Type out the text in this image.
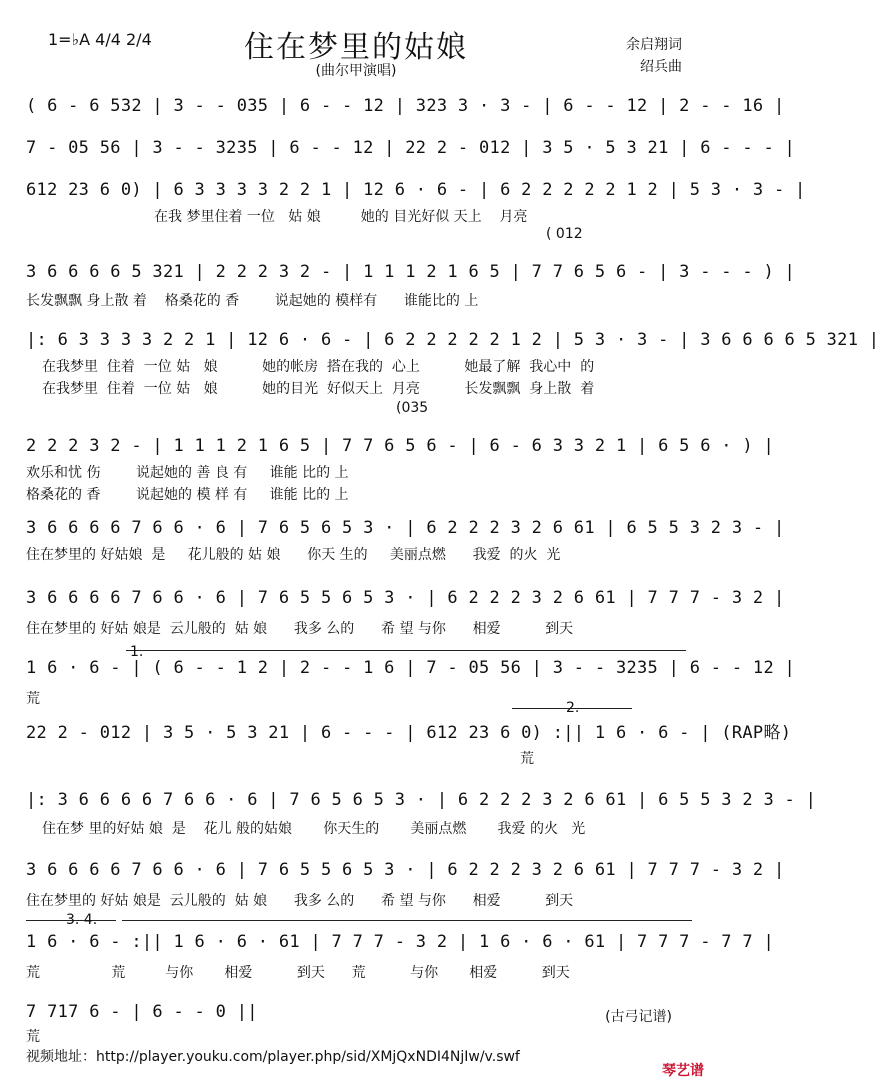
1=♭A 4/4 2/4	住在梦里的姑娘
(曲尔甲演唱)
余启翔词
绍兵曲
( 6 - 6 532 | 3 - - 035 | 6 - - 12 | 323 3 · 3 - | 6 - - 12 | 2 - - 16 |
7 - 05 56 | 3 - - 3235 | 6 - - 12 | 22 2 - 012 | 3 5 · 5 3 21 | 6 - - - |
612 23 6 0) | 6 3 3 3 3 2 2 1 | 12 6 · 6 - | 6 2 2 2 2 2 1 2 | 5 3 · 3 - |
在我 梦里住着 一位   姑 娘         她的 目光好似 天上    月亮
( 012
3 6 6 6 6 5 321 | 2 2 2 3 2 - | 1 1 1 2 1 6 5 | 7 7 6 5 6 - | 3 - - - ) |
长发飘飘 身上散 着    格桑花的 香        说起她的 模样有      谁能比的 上
|: 6 3 3 3 3 2 2 1 | 12 6 · 6 - | 6 2 2 2 2 2 1 2 | 5 3 · 3 - | 3 6 6 6 6 5 321 |
在我梦里  住着  一位 姑   娘          她的帐房  搭在我的  心上          她最了解  我心中  的
在我梦里  住着  一位 姑   娘          她的目光  好似天上  月亮          长发飘飘  身上散  着
(035
2 2 2 3 2 - | 1 1 1 2 1 6 5 | 7 7 6 5 6 - | 6 - 6 3 3 2 1 | 6 5 6 · ) |
欢乐和忧 伤        说起她的 善 良 有     谁能 比的 上
格桑花的 香        说起她的 模 样 有     谁能 比的 上
3 6 6 6 6 7 6 6 · 6 | 7 6 5 6 5 3 · | 6 2 2 2 3 2 6 61 | 6 5 5 3 2 3 - |
住在梦里的 好姑娘  是     花儿般的 姑 娘      你天 生的     美丽点燃      我爱  的火  光
3 6 6 6 6 7 6 6 · 6 | 7 6 5 5 6 5 3 · | 6 2 2 2 3 2 6 61 | 7 7 7 - 3 2 |
住在梦里的 好姑 娘是  云儿般的  姑 娘      我多 么的      希 望 与你      相爱          到天
1.
1 6 · 6 - | ( 6 - - 1 2 | 2 - - 1 6 | 7 - 05 56 | 3 - - 3235 | 6 - - 12 |
荒
2.
22 2 - 012 | 3 5 · 5 3 21 | 6 - - - | 612 23 6 0) :|| 1 6 · 6 - | (RAP略)
荒
|: 3 6 6 6 6 7 6 6 · 6 | 7 6 5 6 5 3 · | 6 2 2 2 3 2 6 61 | 6 5 5 3 2 3 - |
住在梦 里的好姑 娘  是    花儿 般的姑娘       你天生的       美丽点燃       我爱 的火   光
3 6 6 6 6 7 6 6 · 6 | 7 6 5 5 6 5 3 · | 6 2 2 2 3 2 6 61 | 7 7 7 - 3 2 |
住在梦里的 好姑 娘是  云儿般的  姑 娘      我多 么的      希 望 与你      相爱          到天
3. 4.
1 6 · 6 - :|| 1 6 · 6 · 61 | 7 7 7 - 3 2 | 1 6 · 6 · 61 | 7 7 7 - 7 7 |
荒                荒         与你       相爱          到天      荒          与你       相爱          到天
7 717 6 - | 6 - - 0 ||
荒
(古弓记谱)
视频地址：http://player.youku.com/player.php/sid/XMjQxNDI4NjIw/v.swf
琴艺谱
